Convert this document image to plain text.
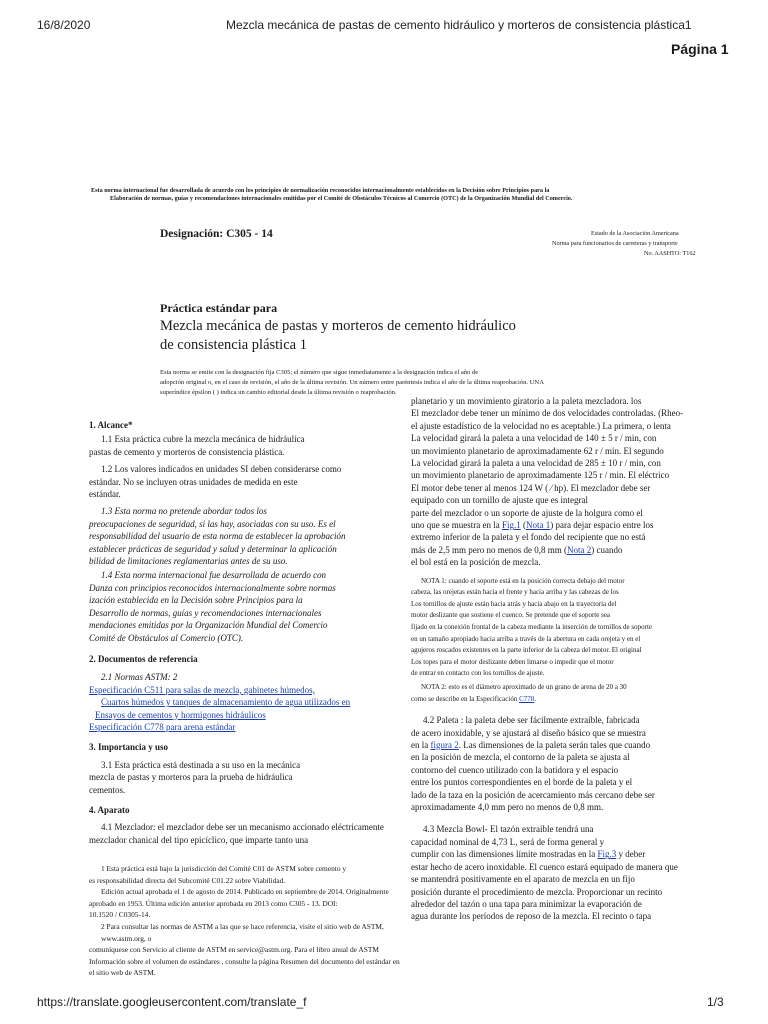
16/8/2020	Mezcla mecánica de pastas de cemento hidráulico y morteros de consistencia plástica1
Página 1
Esta norma internacional fue desarrollada de acuerdo con los principios de normalización reconocidos internacionalmente establecidos en la Decisión sobre Principios para la
Elaboración de normas, guías y recomendaciones internacionales emitidas por el Comité de Obstáculos Técnicos al Comercio (OTC) de la Organización Mundial del Comercio.
Designación: C305 - 14	Estado de la Asociación Americana
Norma para funcionarios de carreteras y transporte
No. AASHTO: T162
Práctica estándar para
Mezcla mecánica de pastas y morteros de cemento hidráulico
de consistencia plástica 1
Esta norma se emite con la designación fija C305; el número que sigue inmediatamente a la designación indica el año de
adopción original o, en el caso de revisión, el año de la última revisión. Un número entre paréntesis indica el año de la última reaprobación. UNA
superíndice épsilon ( ) indica un cambio editorial desde la última revisión o reaprobación.
1. Alcance*
1.1 Esta práctica cubre la mezcla mecánica de hidráulica
pastas de cemento y morteros de consistencia plástica.
1.2 Los valores indicados en unidades SI deben considerarse como
estándar. No se incluyen otras unidades de medida en este
estándar.
1.3 Esta norma no pretende abordar todos los
preocupaciones de seguridad, si las hay, asociadas con su uso. Es el
responsabilidad del usuario de esta norma de establecer la aprobación
establecer prácticas de seguridad y salud y determinar la aplicación
bilidad de limitaciones reglamentarias antes de su uso.
1.4 Esta norma internacional fue desarrollada de acuerdo con
Danza con principios reconocidos internacionalmente sobre normas
ización establecida en la Decisión sobre Principios para la
Desarrollo de normas, guías y recomendaciones internacionales
mendaciones emitidas por la Organización Mundial del Comercio
Comité de Obstáculos al Comercio (OTC).
2. Documentos de referencia
2.1 Normas ASTM: 2
Especificación C511 para salas de mezcla, gabinetes húmedos,
Cuartos húmedos y tanques de almacenamiento de agua utilizados en
Ensayos de cementos y hormigones hidráulicos
Especificación C778 para arena estándar
3. Importancia y uso
3.1 Esta práctica está destinada a su uso en la mecánica
mezcla de pastas y morteros para la prueba de hidráulica
cementos.
4. Aparato
4.1 Mezclador: el mezclador debe ser un mecanismo accionado eléctricamente
mezclador chanical del tipo epicíclico, que imparte tanto una
1 Esta práctica está bajo la jurisdicción del Comité C01 de ASTM sobre cemento y
es responsabilidad directa del Subcomité C01.22 sobre Viabilidad.
Edición actual aprobada el 1 de agosto de 2014. Publicado en septiembre de 2014. Originalmente
aprobado en 1953. Última edición anterior aprobada en 2013 como C305 - 13. DOI:
10.1520 / C0305-14.
2 Para consultar las normas de ASTM a las que se hace referencia, visite el sitio web de ASTM, www.astm.org, o
comuníquese con Servicio al cliente de ASTM en service@astm.org. Para el libro anual de ASTM
Información sobre el volumen de estándares , consulte la página Resumen del documento del estándar en
el sitio web de ASTM.
planetario y un movimiento giratorio a la paleta mezcladora. los
El mezclador debe tener un mínimo de dos velocidades controladas. (Rheo-
el ajuste estadístico de la velocidad no es aceptable.) La primera, o lenta
La velocidad girará la paleta a una velocidad de 140 ± 5 r / min, con
un movimiento planetario de aproximadamente 62 r / min. El segundo
La velocidad girará la paleta a una velocidad de 285 ± 10 r / min, con
un movimiento planetario de aproximadamente 125 r / min. El eléctrico
El motor debe tener al menos 124 W ( ⁄ hp). El mezclador debe ser
equipado con un tornillo de ajuste que es integral
parte del mezclador o un soporte de ajuste de la holgura como el
uno que se muestra en la Fig.1 (Nota 1) para dejar espacio entre los
extremo inferior de la paleta y el fondo del recipiente que no está
más de 2,5 mm pero no menos de 0,8 mm (Nota 2) cuando
el bol está en la posición de mezcla.
NOTA 1: cuando el soporte está en la posición correcta debajo del motor
cabeza, las orejetas están hacia el frente y hacia arriba y las cabezas de los
Los tornillos de ajuste están hacia atrás y hacia abajo en la trayectoria del
motor deslizante que sostiene el cuenco. Se pretende que el soporte sea
fijado en la conexión frontal de la cabeza mediante la inserción de tornillos de soporte
en un tamaño apropiado hacia arriba a través de la abertura en cada orejeta y en el
agujeros roscados existentes en la parte inferior de la cabeza del motor. El original
Los topes para el motor deslizante deben limarse o impedir que el motor
de entrar en contacto con los tornillos de ajuste.
NOTA 2: esto es el diámetro aproximado de un grano de arena de 20 a 30
como se describe en la Especificación C778.
4.2 Paleta : la paleta debe ser fácilmente extraíble, fabricada
de acero inoxidable, y se ajustará al diseño básico que se muestra
en la figura 2. Las dimensiones de la paleta serán tales que cuando
en la posición de mezcla, el contorno de la paleta se ajusta al
contorno del cuenco utilizado con la batidora y el espacio
entre los puntos correspondientes en el borde de la paleta y el
lado de la taza en la posición de acercamiento más cercano debe ser
aproximadamente 4,0 mm pero no menos de 0,8 mm.
4.3 Mezcla Bowl- El tazón extraíble tendrá una
capacidad nominal de 4,73 L, será de forma general y
cumplir con las dimensiones límite mostradas en la Fig.3 y deber
estar hecho de acero inoxidable. El cuenco estará equipado de manera que
se mantendrá positivamente en el aparato de mezcla en un fijo
posición durante el procedimiento de mezcla. Proporcionar un recinto
alrededor del tazón o una tapa para minimizar la evaporación de
agua durante los períodos de reposo de la mezcla. El recinto o tapa
https://translate.googleusercontent.com/translate_f	1/3
